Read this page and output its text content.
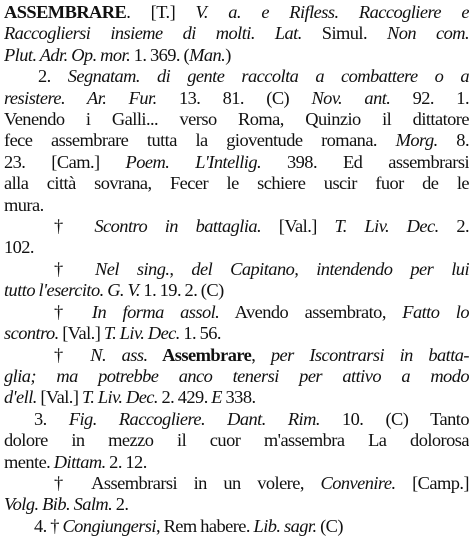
ASSEMBRARE. [T.] V. a. e Rifless. Raccogliere e
Raccogliersi insieme di molti. Lat. Simul. Non com.
Plut. Adr. Op. mor. 1. 369. (Man.)
2. Segnatam. di gente raccolta a combattere o a
resistere. Ar. Fur. 13. 81. (C) Nov. ant. 92. 1.
Venendo i Galli... verso Roma, Quinzio il dittatore
fece assembrare tutta la gioventude romana. Morg. 8.
23. [Cam.] Poem. L'Intellig. 398. Ed assembrarsi
alla città sovrana, Fecer le schiere uscir fuor de le
mura.
† Scontro in battaglia. [Val.] T. Liv. Dec. 2.
102.
† Nel sing., del Capitano, intendendo per lui
tutto l'esercito. G. V. 1. 19. 2. (C)
† In forma assol. Avendo assembrato, Fatto lo
scontro. [Val.] T. Liv. Dec. 1. 56.
† N. ass. Assembrare, per Iscontrarsi in batta-
glia; ma potrebbe anco tenersi per attivo a modo
d'ell. [Val.] T. Liv. Dec. 2. 429. E 338.
3. Fig. Raccogliere. Dant. Rim. 10. (C) Tanto
dolore in mezzo il cuor m'assembra La dolorosa
mente. Dittam. 2. 12.
† Assembrarsi in un volere, Convenire. [Camp.]
Volg. Bib. Salm. 2.
4. † Congiungersi, Rem habere. Lib. sagr. (C)
